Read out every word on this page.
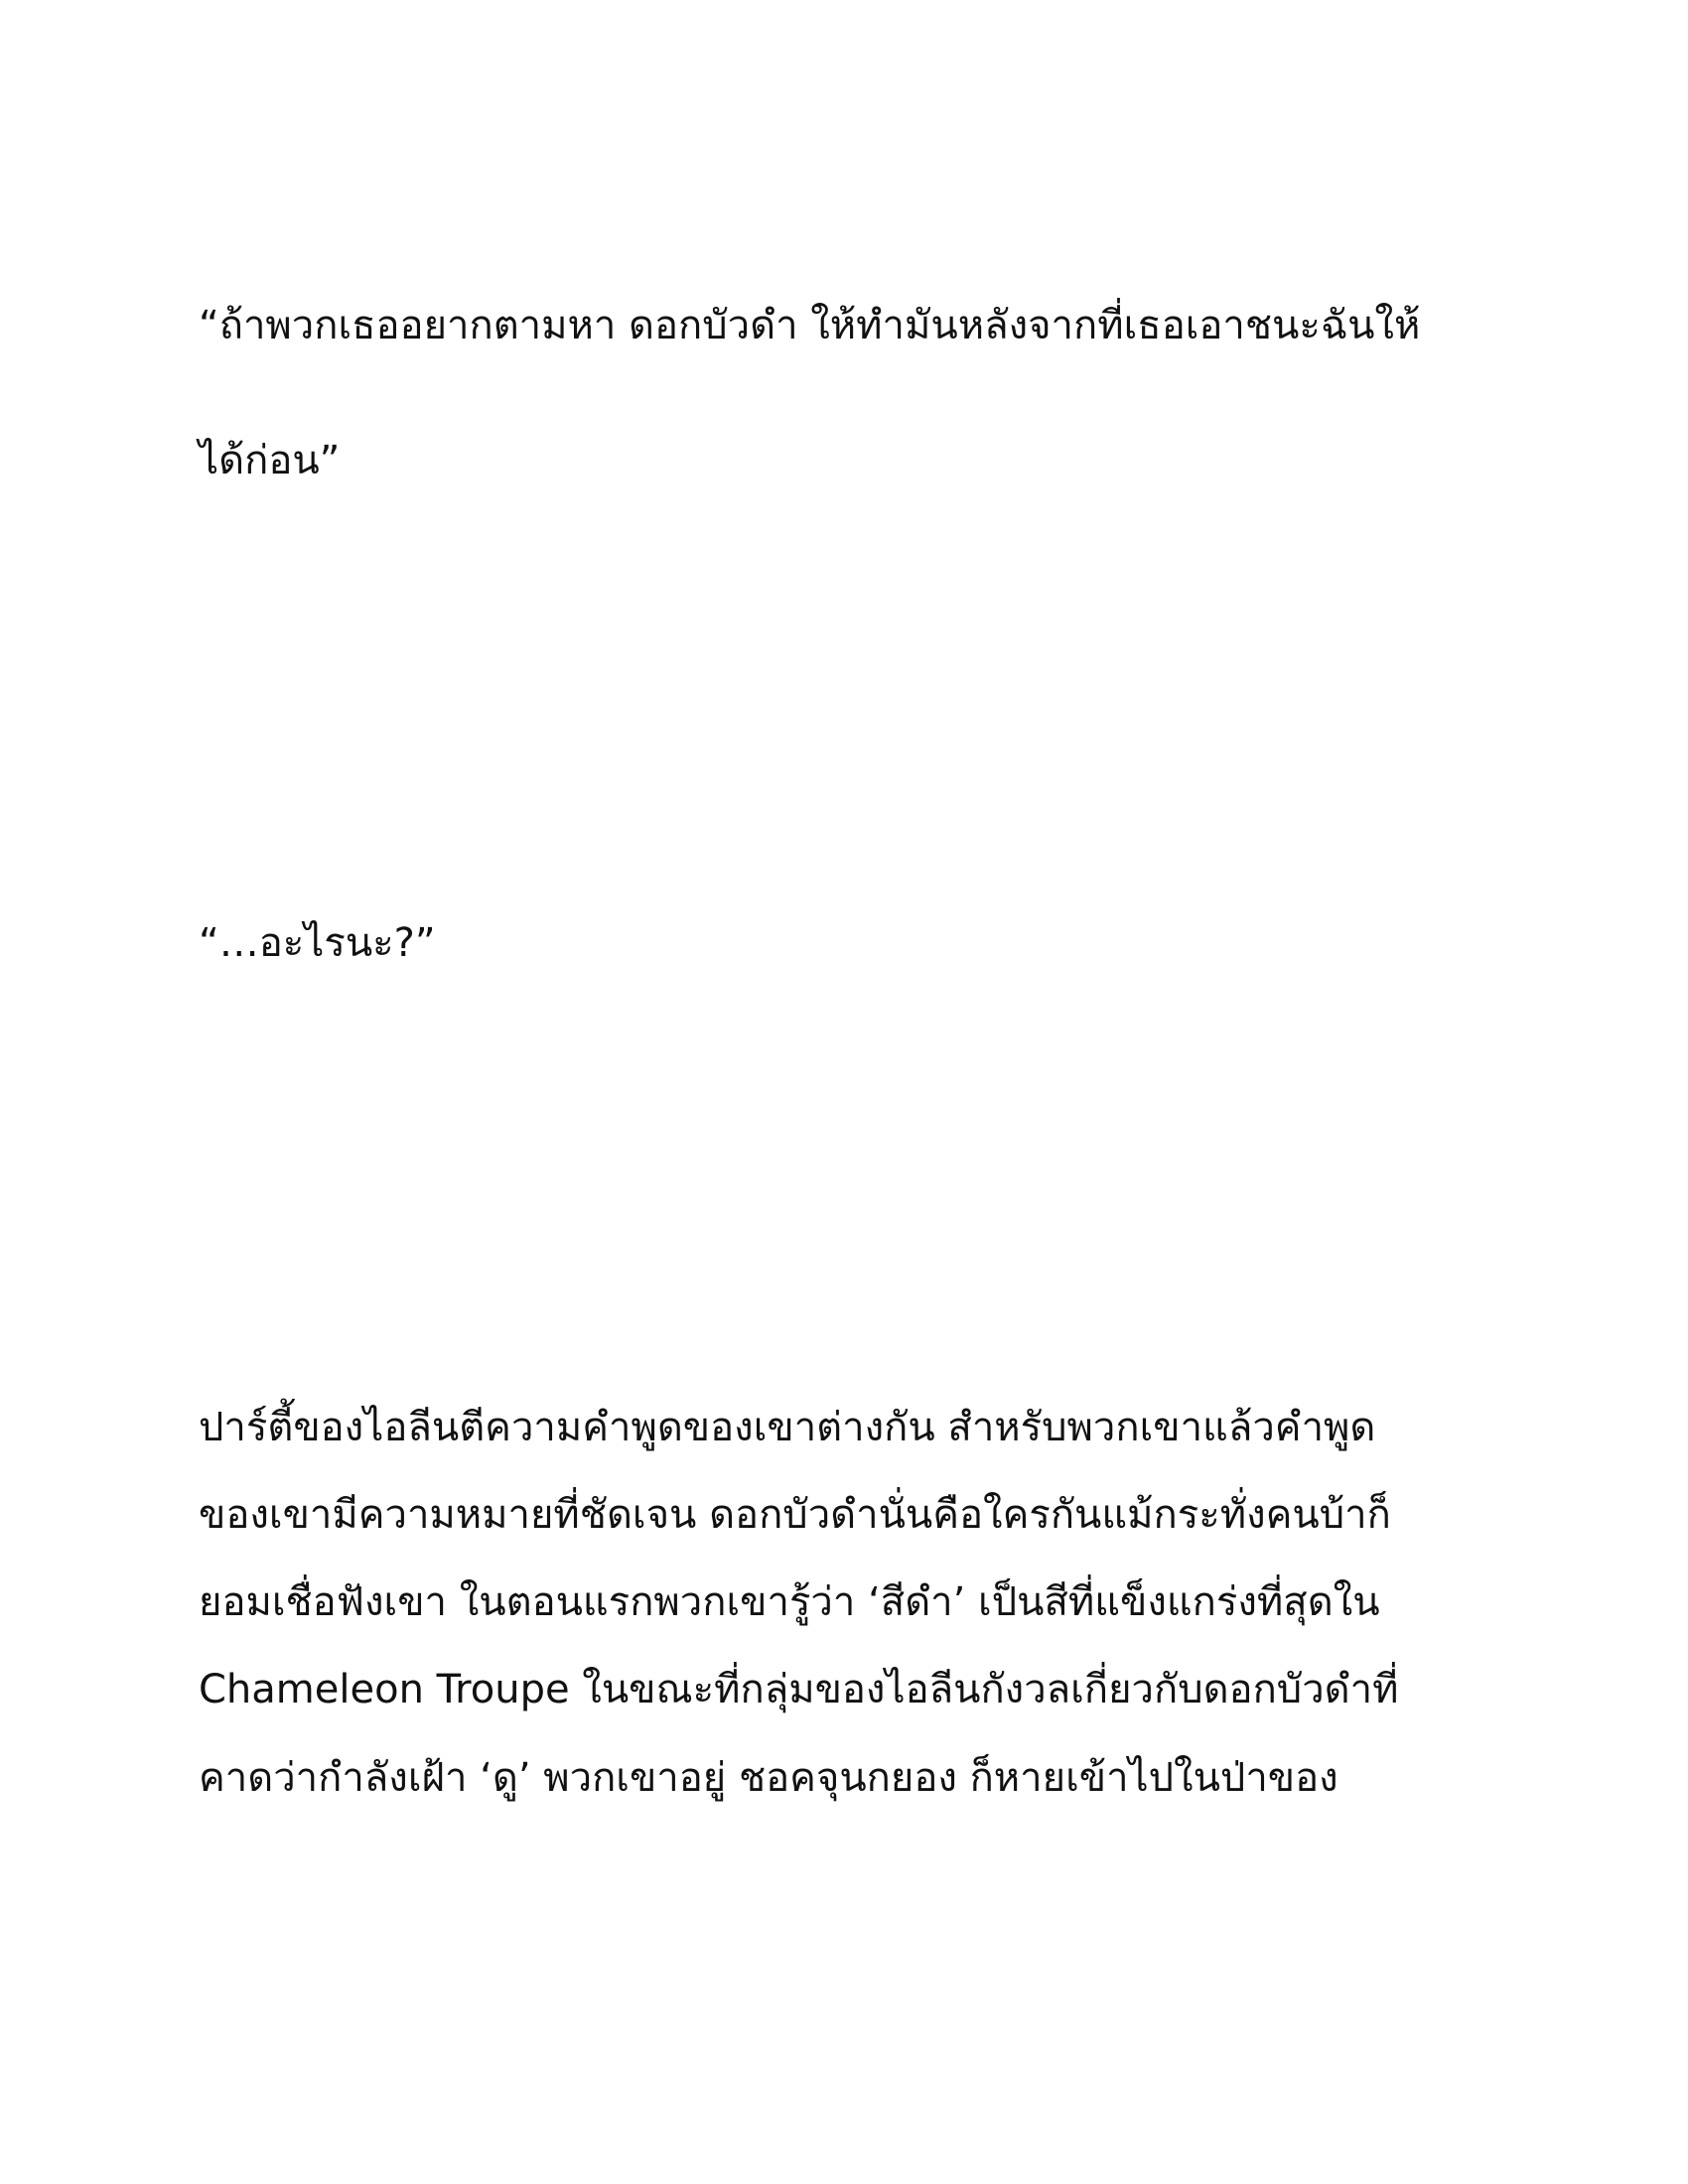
“ถ้าพวกเธออยากตามหา ดอกบัวดำ ให้ทำมันหลังจากที่เธอเอาชนะฉันให้
ได้ก่อน”
“…อะไรนะ?”
ปาร์ตี้ของไอลีนตีความคำพูดของเขาต่างกัน สำหรับพวกเขาแล้วคำพูด
ของเขามีความหมายที่ชัดเจน ดอกบัวดำนั่นคือใครกันแม้กระทั่งคนบ้าก็
ยอมเชื่อฟังเขา ในตอนแรกพวกเขารู้ว่า ‘สีดำ’ เป็นสีที่แข็งแกร่งที่สุดใน
Chameleon Troupe ในขณะที่กลุ่มของไอลีนกังวลเกี่ยวกับดอกบัวดำที่
คาดว่ากำลังเฝ้า ‘ดู’ พวกเขาอยู่ ชอคจุนกยอง ก็หายเข้าไปในป่าของ
